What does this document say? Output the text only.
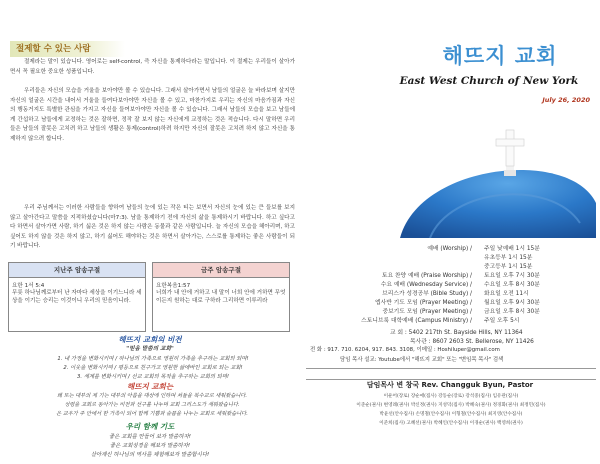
절제할 수 있는 사람

절제라는 말이 있습니다. 영어로는 self-control, 즉 자신을 통제하다라는 말입니다. 이 절제는 우리들이 살아가면서 꼭 필요한 중요한 성품입니다.

우리들은 자신의 모습을 거울을 보아야만 볼 수 있습니다. 그래서 살아가면서 남들의 얼굴은 늘 바라보며 살지만 자신의 얼굴은 시간을 내어서 거울을 들여다보아야만 자신을 볼 수 있고, 마찬가지로 우리는 자신의 마음가짐과 자신의 행동거지도 특별한 관심을 가지고 자신을 들여보아야만 자신을 볼 수 있습니다. 그래서 남들의 모습을 보고 남들에게 간섭하고 남들에게 교정하는 것은 잘하면, 정작 잘 보지 않는 자신에게 교정하는 것은 적습니다. 다시 말하면 우리들은 남들의 잘못은 고치려 하고 남들의 생활은 통제(control)하려 하지만 자신의 잘못은 고치려 하지 않고 자신을 통제하지 않으려 합니다.

우리 주님께서는 이러한 사람들을 향하여 남들의 눈에 있는 작은 티는 보면서 자신의 눈에 있는 큰 들보를 보지 않고 살아간다고 말씀을 지적하셨습니다(마7:3). 남을 통제하기 전에 자신의 삶을 통제하시기 바랍니다. 하고 싶다고 다 하면서 살아가면 사람, 하기 싫은 것은 하지 않는 사람은 동물과 같은 사람입니다. 늘 자신의 모습을 헤아리며, 하고 싶어도 하지 않을 것은 하지 않고, 하기 싫어도 해야하는 것은 하면서 살아가는, 스스로를 통제하는 좋은 사람들이 되기 바랍니다.

지난주 암송구절
요한 1서 5:4
무릇 하나님께로부터 난 자마다 세상을 이기느니라 세상을 이기는 승리는 이것이니 우리의 믿음이니라.
금주 암송구절
요한복음1:57
너희가 내 안에 거하고 내 말이 너희 안에 거하면 무엇이든지 원하는 대로 구하라 그리하면 이루리라
해뜨지 교회의 비전
"믿음 말씀의 교회"
1. 내 가정을 변화시키며 / 하나님의 가족으로 영원히 가족을 추구하는 교회의 되며!
2. 이웃을 변화시키며 / 평등으로 친구가고 영원한 삶에바인 교회로 되는 교회!
3. 세계를 변화시키며 / 선교 교회의 목적을 추구하는 교회의 되며!
해뜨지 교회는
왜 또는 대부의 제 기는 대부의 아름을 대상에 인하며 처들을 복수교로 새워왔습니다.
성령을 교회로 동아가는 비전과 선구를 나누며 교회 그리스도가 새워왔습니다.
온 교우가 주 안에서 한 가족이 되어 함께 기쁨과 슬픔을 나누는 교회로 새워왔습니다.
우리 함께 기도
좋은 교회를 만들어 보자 말씀하자!
좋은 교회성경을 해보자 말씀하자!
살아계신 하나님의 역사를 체험해보자 말씀합시다!
해뜨지 교회
East West Church of New York
July 26, 2020
예배 (Worship) / 주일 낮예배 1시 15분
유초등부 1시 15분
중고등부 1시 15분
토요 찬양 예배 (Praise Worship) / 토요일 오후 7시 30분
수요 예배 (Wednesday Service) / 수요일 오후 8시 30분
브리스가 성경공부 (Bible Study) / 화요일 오전 11시
엡사반 기도 모임 (Prayer Meeting) / 월요일 오후 9시 30분
중보기도 모임 (Prayer Meeting) / 금요일 오후 8시 30분
스토니브룩 대학예배 (Campus Ministry) / 주일 오후 5시
교 회 : 5402 217th St. Bayside Hills, NY 11364
목사관 : 8607 2603 St. Bellerose, NY 11426
전 화 : 917. 710. 6204, 917. 843. 3108, 이메일 : Hoshiluper@gmail.com
담임 목사 설교: Youtube에서 "해뜨지 교회" 또는 "변임목 목사" 검색
담임목사 변 창국 Rev. Changguk Byun, Pastor
이운어(장로) 장순애(집사) 강동순(장로) 강석중(집사) 임유관(집사)
이준순(권사) 변영례(권사) 박신정(권사) 지성덕(집사) 박혜숙(권사) 정경화(권사) 최정민(집사)
박윤선(안수집사) 손명철(안수집사) 이형철(안수집사) 최지영(안수집사)
이준희(집사) 고혜선(권사) 박혜인(안수집사) 이경순(권사) 백영희(권사)
